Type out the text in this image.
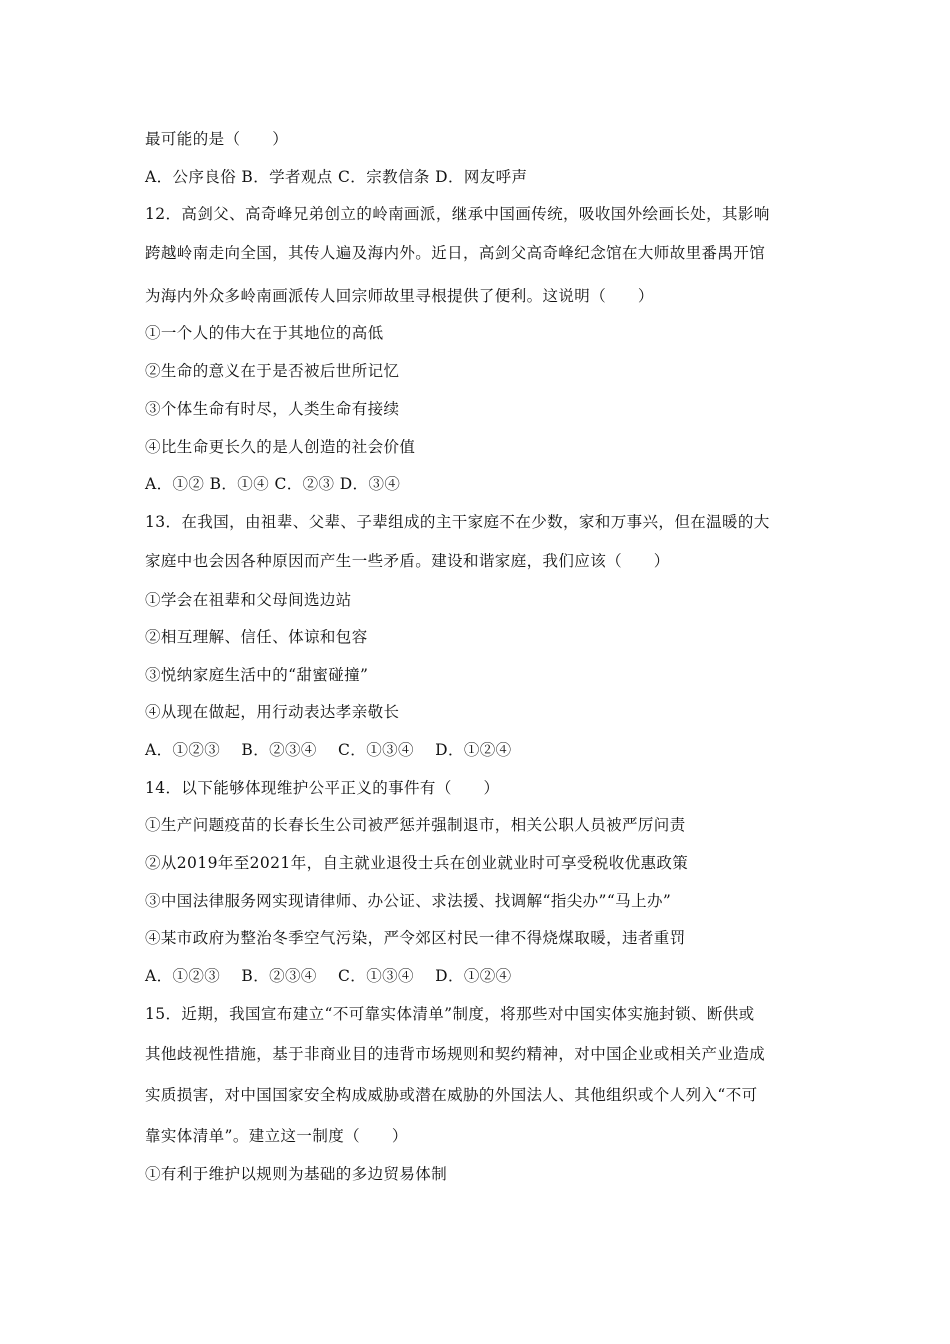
最可能的是（　　）
A．公序良俗 B．学者观点 C．宗教信条 D．网友呼声
12．高剑父、高奇峰兄弟创立的岭南画派，继承中国画传统，吸收国外绘画长处，其影响
跨越岭南走向全国，其传人遍及海内外。近日，高剑父高奇峰纪念馆在大师故里番禺开馆
为海内外众多岭南画派传人回宗师故里寻根提供了便利。这说明（　　）
①一个人的伟大在于其地位的高低
②生命的意义在于是否被后世所记忆
③个体生命有时尽，人类生命有接续
④比生命更长久的是人创造的社会价值
A．①② B．①④ C．②③ D．③④
13．在我国，由祖辈、父辈、子辈组成的主干家庭不在少数，家和万事兴，但在温暖的大
家庭中也会因各种原因而产生一些矛盾。建设和谐家庭，我们应该（　　）
①学会在祖辈和父母间选边站
②相互理解、信任、体谅和包容
③悦纳家庭生活中的“甜蜜碰撞”
④从现在做起，用行动表达孝亲敬长
A．①②③　 B．②③④　 C．①③④　 D．①②④
14．以下能够体现维护公平正义的事件有（　　）
①生产问题疫苗的长春长生公司被严惩并强制退市，相关公职人员被严厉问责
②从2019年至2021年，自主就业退役士兵在创业就业时可享受税收优惠政策
③中国法律服务网实现请律师、办公证、求法援、找调解“指尖办”“马上办”
④某市政府为整治冬季空气污染，严令郊区村民一律不得烧煤取暖，违者重罚
A．①②③　 B．②③④　 C．①③④　 D．①②④
15．近期，我国宣布建立“不可靠实体清单”制度，将那些对中国实体实施封锁、断供或
其他歧视性措施，基于非商业目的违背市场规则和契约精神，对中国企业或相关产业造成
实质损害，对中国国家安全构成威胁或潜在威胁的外国法人、其他组织或个人列入“不可
靠实体清单”。建立这一制度（　　）
①有利于维护以规则为基础的多边贸易体制
